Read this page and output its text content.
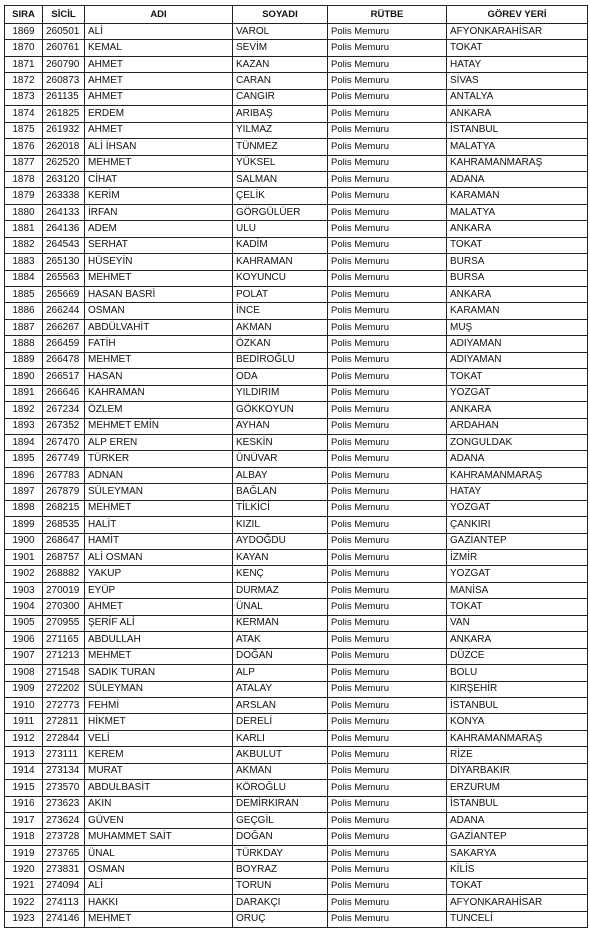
SIRA	SİCİL	ADI	SOYADI	RÜTBE	GÖREV YERİ
1869	260501	ALİ	VAROL	Polis Memuru	AFYONKARAHİSAR
1870	260761	KEMAL	SEVİM	Polis Memuru	TOKAT
1871	260790	AHMET	KAZAN	Polis Memuru	HATAY
1872	260873	AHMET	CARAN	Polis Memuru	SİVAS
1873	261135	AHMET	CANGIR	Polis Memuru	ANTALYA
1874	261825	ERDEM	ARIBAŞ	Polis Memuru	ANKARA
1875	261932	AHMET	YILMAZ	Polis Memuru	İSTANBUL
1876	262018	ALİ İHSAN	TÜNMEZ	Polis Memuru	MALATYA
1877	262520	MEHMET	YÜKSEL	Polis Memuru	KAHRAMANMARAŞ
1878	263120	CİHAT	SALMAN	Polis Memuru	ADANA
1879	263338	KERİM	ÇELİK	Polis Memuru	KARAMAN
1880	264133	İRFAN	GÖRGÜLÜER	Polis Memuru	MALATYA
1881	264136	ADEM	ULU	Polis Memuru	ANKARA
1882	264543	SERHAT	KADİM	Polis Memuru	TOKAT
1883	265130	HÜSEYİN	KAHRAMAN	Polis Memuru	BURSA
1884	265563	MEHMET	KOYUNCU	Polis Memuru	BURSA
1885	265669	HASAN BASRİ	POLAT	Polis Memuru	ANKARA
1886	266244	OSMAN	İNCE	Polis Memuru	KARAMAN
1887	266267	ABDÜLVAHİT	AKMAN	Polis Memuru	MUŞ
1888	266459	FATİH	ÖZKAN	Polis Memuru	ADIYAMAN
1889	266478	MEHMET	BEDİROĞLU	Polis Memuru	ADIYAMAN
1890	266517	HASAN	ODA	Polis Memuru	TOKAT
1891	266646	KAHRAMAN	YILDIRIM	Polis Memuru	YOZGAT
1892	267234	ÖZLEM	GÖKKOYUN	Polis Memuru	ANKARA
1893	267352	MEHMET EMİN	AYHAN	Polis Memuru	ARDAHAN
1894	267470	ALP EREN	KESKİN	Polis Memuru	ZONGULDAK
1895	267749	TÜRKER	ÜNÜVAR	Polis Memuru	ADANA
1896	267783	ADNAN	ALBAY	Polis Memuru	KAHRAMANMARAŞ
1897	267879	SÜLEYMAN	BAĞLAN	Polis Memuru	HATAY
1898	268215	MEHMET	TİLKİCİ	Polis Memuru	YOZGAT
1899	268535	HALİT	KIZIL	Polis Memuru	ÇANKIRI
1900	268647	HAMİT	AYDOĞDU	Polis Memuru	GAZİANTEP
1901	268757	ALİ OSMAN	KAYAN	Polis Memuru	İZMİR
1902	268882	YAKUP	KENÇ	Polis Memuru	YOZGAT
1903	270019	EYÜP	DURMAZ	Polis Memuru	MANİSA
1904	270300	AHMET	ÜNAL	Polis Memuru	TOKAT
1905	270955	ŞERİF ALİ	KERMAN	Polis Memuru	VAN
1906	271165	ABDULLAH	ATAK	Polis Memuru	ANKARA
1907	271213	MEHMET	DOĞAN	Polis Memuru	DÜZCE
1908	271548	SADIK TURAN	ALP	Polis Memuru	BOLU
1909	272202	SÜLEYMAN	ATALAY	Polis Memuru	KIRŞEHİR
1910	272773	FEHMİ	ARSLAN	Polis Memuru	İSTANBUL
1911	272811	HİKMET	DERELİ	Polis Memuru	KONYA
1912	272844	VELİ	KARLI	Polis Memuru	KAHRAMANMARAŞ
1913	273111	KEREM	AKBULUT	Polis Memuru	RİZE
1914	273134	MURAT	AKMAN	Polis Memuru	DİYARBAKIR
1915	273570	ABDULBASİT	KÖROĞLU	Polis Memuru	ERZURUM
1916	273623	AKIN	DEMİRKIRAN	Polis Memuru	İSTANBUL
1917	273624	GÜVEN	GEÇGİL	Polis Memuru	ADANA
1918	273728	MUHAMMET SAİT	DOĞAN	Polis Memuru	GAZİANTEP
1919	273765	ÜNAL	TÜRKDAY	Polis Memuru	SAKARYA
1920	273831	OSMAN	BOYRAZ	Polis Memuru	KİLİS
1921	274094	ALİ	TORUN	Polis Memuru	TOKAT
1922	274113	HAKKI	DARAKÇI	Polis Memuru	AFYONKARAHİSAR
1923	274146	MEHMET	ORUÇ	Polis Memuru	TUNCELİ
